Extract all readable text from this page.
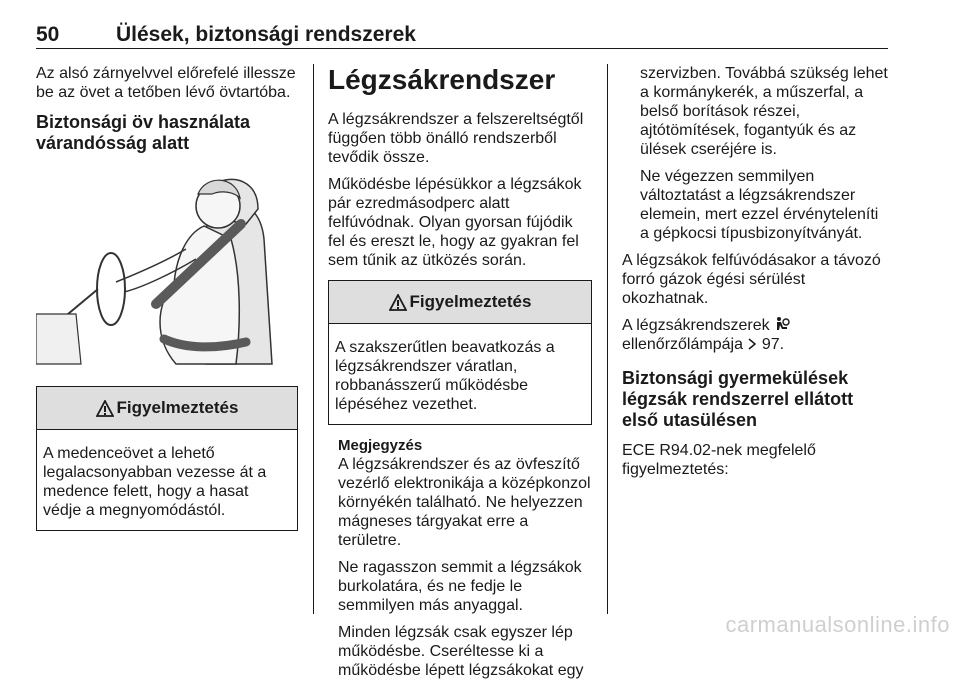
50	Ülések, biztonsági rendszerek

Az alsó zárnyelvvel előrefelé illessze be az övet a tetőben lévő övtartóba.

Biztonsági öv használata várandósság alatt
Figyelmeztetés

A medenceövet a lehető legalacsonyabban vezesse át a medence felett, hogy a hasat védje a megnyomódástól.

Légzsákrendszer

A légzsákrendszer a felszereltségtől függően több önálló rendszerből tevődik össze.

Működésbe lépésükkor a légzsákok pár ezredmásodperc alatt felfúvódnak. Olyan gyorsan fújódik fel és ereszt le, hogy az gyakran fel sem tűnik az ütközés során.

Figyelmeztetés

A szakszerűtlen beavatkozás a légzsákrendszer váratlan, robbanásszerű működésbe lépéséhez vezethet.

Megjegyzés

A légzsákrendszer és az övfeszítő vezérlő elektronikája a középkonzol környékén található. Ne helyezzen mágneses tárgyakat erre a területre.

Ne ragasszon semmit a légzsákok burkolatára, és ne fedje le semmilyen más anyaggal.

Minden légzsák csak egyszer lép működésbe. Cseréltesse ki a működésbe lépett légzsákokat egy

szervizben. Továbbá szükség lehet a kormánykerék, a műszerfal, a belső borítások részei, ajtótömítések, fogantyúk és az ülések cseréjére is.

Ne végezzen semmilyen változtatást a légzsákrendszer elemein, mert ezzel érvényteleníti a gépkocsi típusbizonyítványát.

A légzsákok felfúvódásakor a távozó forró gázok égési sérülést okozhatnak.

A légzsákrendszerek
ellenőrzőlámpája 97.

Biztonsági gyermekülések légzsák rendszerrel ellátott első utasülésen

ECE R94.02-nek megfelelő figyelmeztetés:

carmanualsonline.info
